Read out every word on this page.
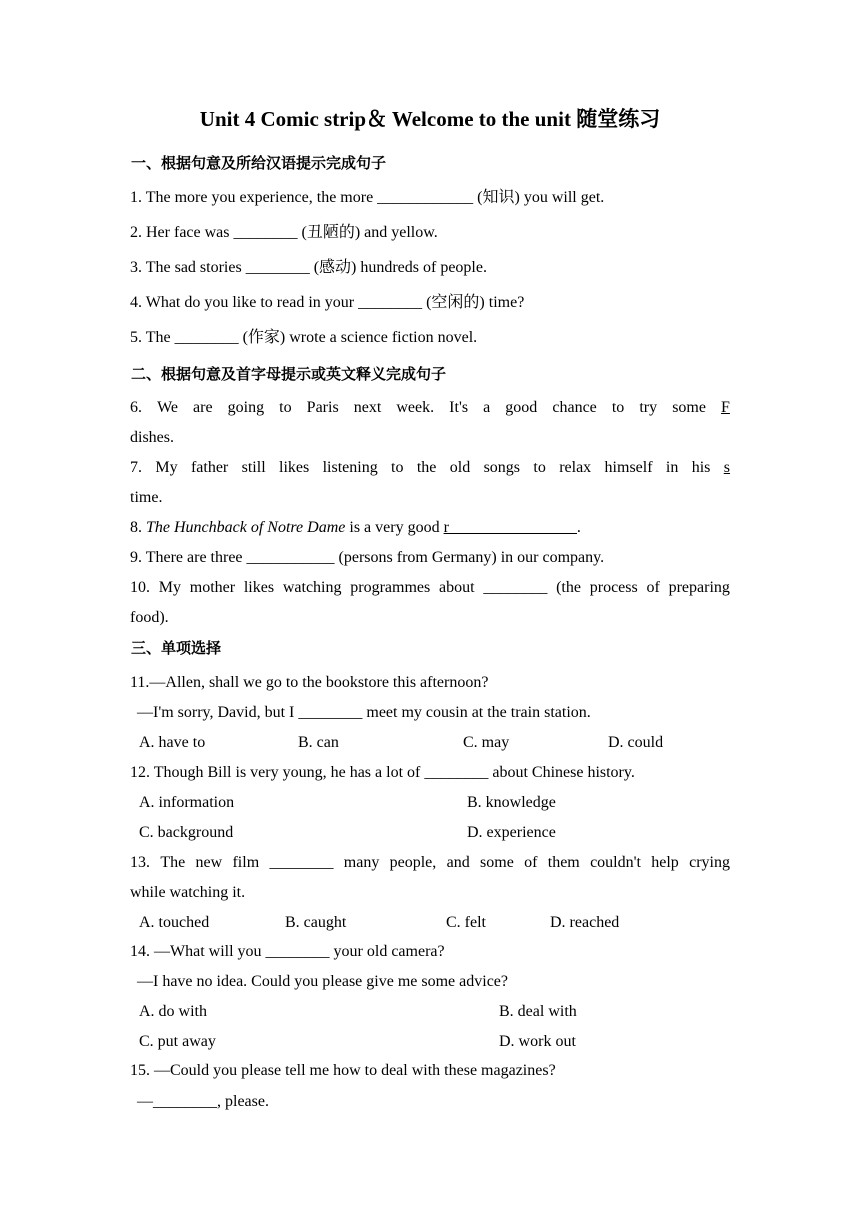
Unit 4 Comic strip＆ Welcome to the unit 随堂练习
一、根据句意及所给汉语提示完成句子
1. The more you experience, the more ____________ (知识) you will get.
2. Her face was ________ (丑陋的) and yellow.
3. The sad stories ________ (感动) hundreds of people.
4. What do you like to read in your ________ (空闲的) time?
5. The ________ (作家) wrote a science fiction novel.
二、根据句意及首字母提示或英文释义完成句子
6. We are going to Paris next week. It's a good chance to try some F
dishes.
7. My father still likes listening to the old songs to relax himself in his s
time.
8. The Hunchback of Notre Dame is a very good r________________.
9. There are three ___________ (persons from Germany) in our company.
10. My mother likes watching programmes about ________ (the process of preparing
food).
三、单项选择
11.—Allen, shall we go to the bookstore this afternoon?
—I'm sorry, David, but I ________ meet my cousin at the train station.
A. have to	B. can	C. may	D. could
12. Though Bill is very young, he has a lot of ________ about Chinese history.
A. information	B. knowledge
C. background	D. experience
13. The new film ________ many people, and some of them couldn't help crying
while watching it.
A. touched	B. caught	C. felt	D. reached
14. —What will you ________ your old camera?
—I have no idea. Could you please give me some advice?
A. do with	B. deal with
C. put away	D. work out
15. —Could you please tell me how to deal with these magazines?
—________, please.
